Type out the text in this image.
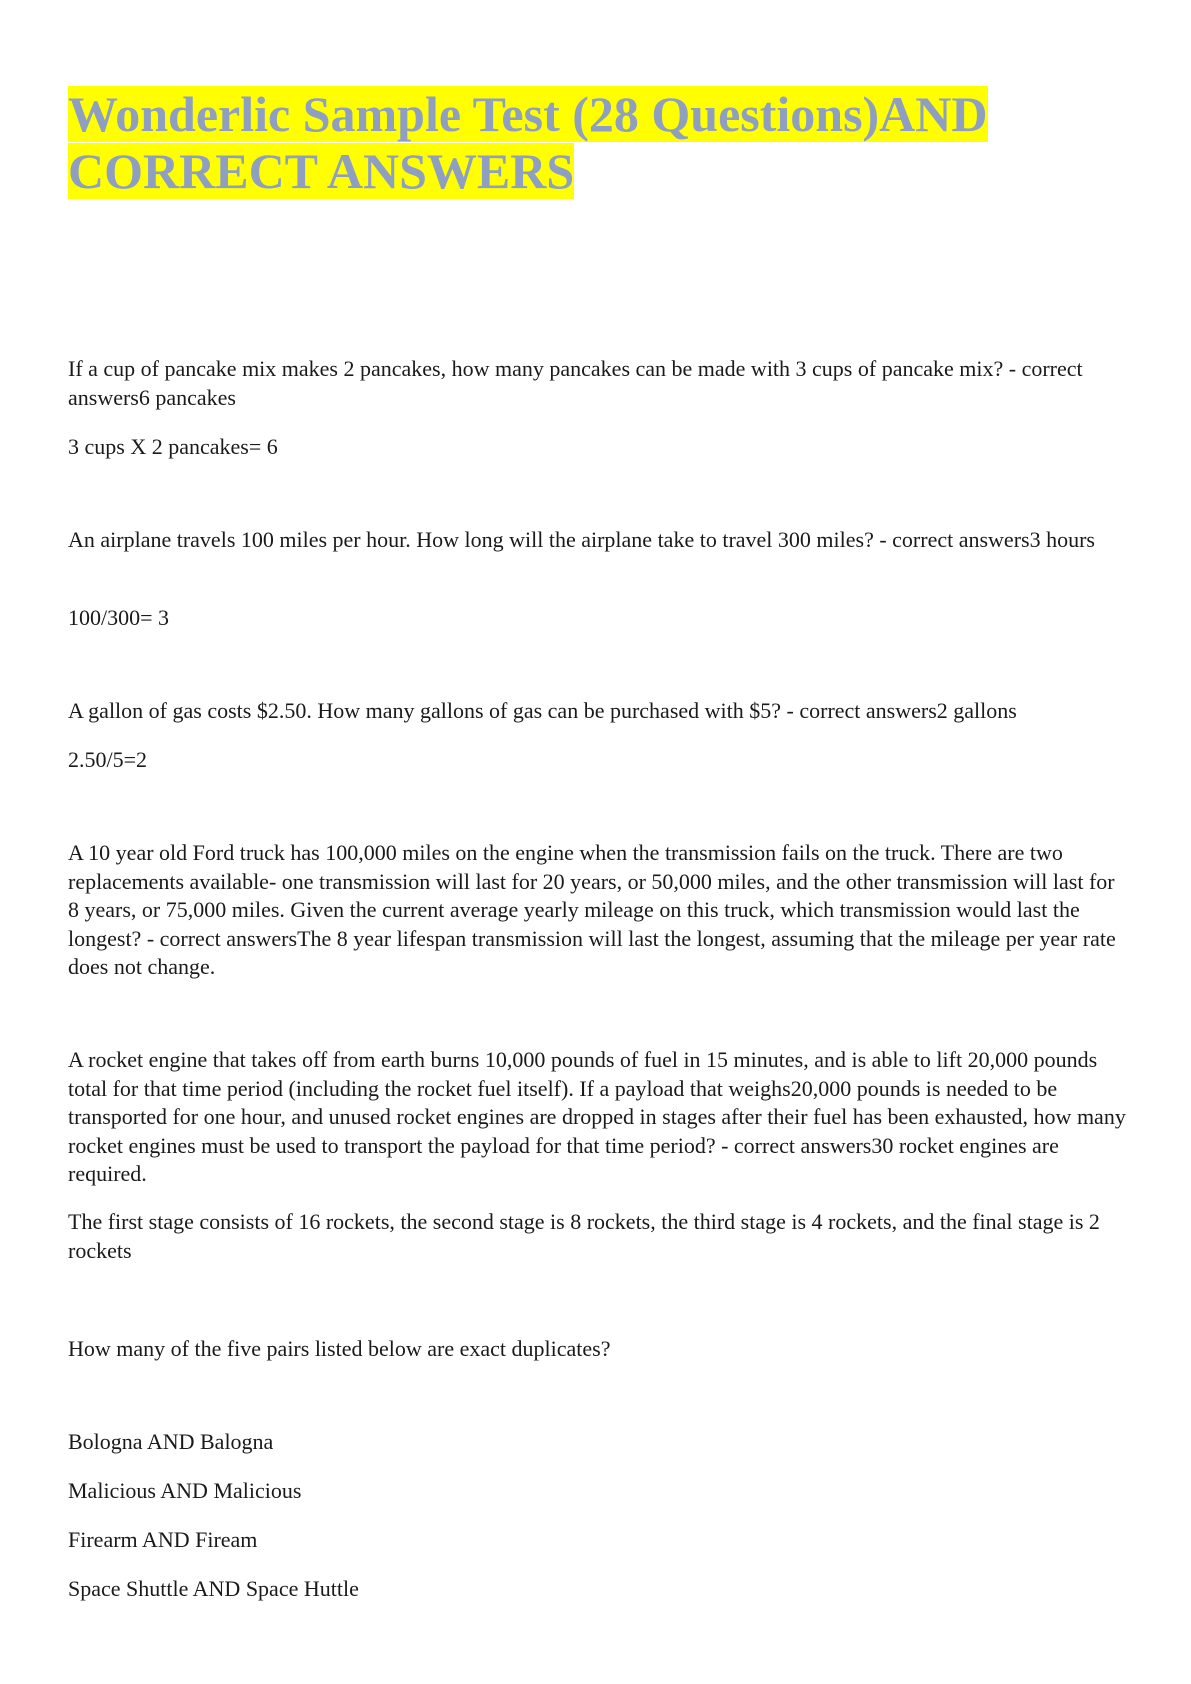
Wonderlic Sample Test (28 Questions)AND CORRECT ANSWERS

If a cup of pancake mix makes 2 pancakes, how many pancakes can be made with 3 cups of pancake mix? - correct answers6 pancakes

3 cups X 2 pancakes= 6

An airplane travels 100 miles per hour. How long will the airplane take to travel 300 miles? - correct answers3 hours

100/300= 3

A gallon of gas costs $2.50. How many gallons of gas can be purchased with $5? - correct answers2 gallons

2.50/5=2

A 10 year old Ford truck has 100,000 miles on the engine when the transmission fails on the truck. There are two replacements available- one transmission will last for 20 years, or 50,000 miles, and the other transmission will last for 8 years, or 75,000 miles. Given the current average yearly mileage on this truck, which transmission would last the longest? - correct answersThe 8 year lifespan transmission will last the longest, assuming that the mileage per year rate does not change.

A rocket engine that takes off from earth burns 10,000 pounds of fuel in 15 minutes, and is able to lift 20,000 pounds total for that time period (including the rocket fuel itself). If a payload that weighs20,000 pounds is needed to be transported for one hour, and unused rocket engines are dropped in stages after their fuel has been exhausted, how many rocket engines must be used to transport the payload for that time period? - correct answers30 rocket engines are required.

The first stage consists of 16 rockets, the second stage is 8 rockets, the third stage is 4 rockets, and the final stage is 2 rockets

How many of the five pairs listed below are exact duplicates?

Bologna AND Balogna

Malicious AND Malicious

Firearm AND Fiream

Space Shuttle AND Space Huttle
